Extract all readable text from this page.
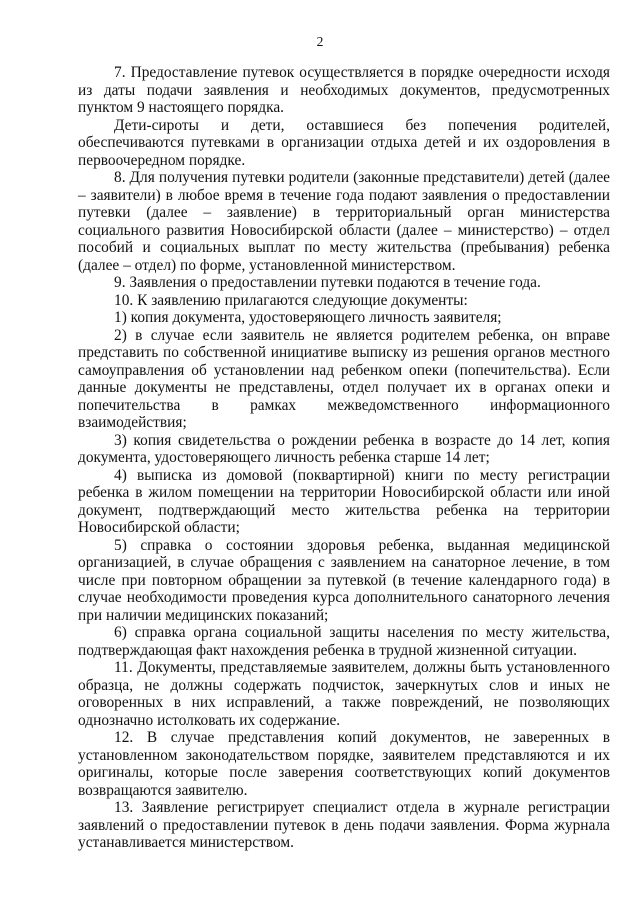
2

7. Предоставление путевок осуществляется в порядке очередности исходя из даты подачи заявления и необходимых документов, предусмотренных пунктом 9 настоящего порядка.

Дети-сироты и дети, оставшиеся без попечения родителей, обеспечиваются путевками в организации отдыха детей и их оздоровления в первоочередном порядке.

8. Для получения путевки родители (законные представители) детей (далее – заявители) в любое время в течение года подают заявления о предоставлении путевки (далее – заявление) в территориальный орган министерства социального развития Новосибирской области (далее – министерство) – отдел пособий и социальных выплат по месту жительства (пребывания) ребенка (далее – отдел) по форме, установленной министерством.

9. Заявления о предоставлении путевки подаются в течение года.

10. К заявлению прилагаются следующие документы:

1) копия документа, удостоверяющего личность заявителя;

2) в случае если заявитель не является родителем ребенка, он вправе представить по собственной инициативе выписку из решения органов местного самоуправления об установлении над ребенком опеки (попечительства). Если данные документы не представлены, отдел получает их в органах опеки и попечительства в рамках межведомственного информационного взаимодействия;

3) копия свидетельства о рождении ребенка в возрасте до 14 лет, копия документа, удостоверяющего личность ребенка старше 14 лет;

4) выписка из домовой (поквартирной) книги по месту регистрации ребенка в жилом помещении на территории Новосибирской области или иной документ, подтверждающий место жительства ребенка на территории Новосибирской области;

5) справка о состоянии здоровья ребенка, выданная медицинской организацией, в случае обращения с заявлением на санаторное лечение, в том числе при повторном обращении за путевкой (в течение календарного года) в случае необходимости проведения курса дополнительного санаторного лечения при наличии медицинских показаний;

6) справка органа социальной защиты населения по месту жительства, подтверждающая факт нахождения ребенка в трудной жизненной ситуации.

11. Документы, представляемые заявителем, должны быть установленного образца, не должны содержать подчисток, зачеркнутых слов и иных не оговоренных в них исправлений, а также повреждений, не позволяющих однозначно истолковать их содержание.

12. В случае представления копий документов, не заверенных в установленном законодательством порядке, заявителем представляются и их оригиналы, которые после заверения соответствующих копий документов возвращаются заявителю.

13. Заявление регистрирует специалист отдела в журнале регистрации заявлений о предоставлении путевок в день подачи заявления. Форма журнала устанавливается министерством.
